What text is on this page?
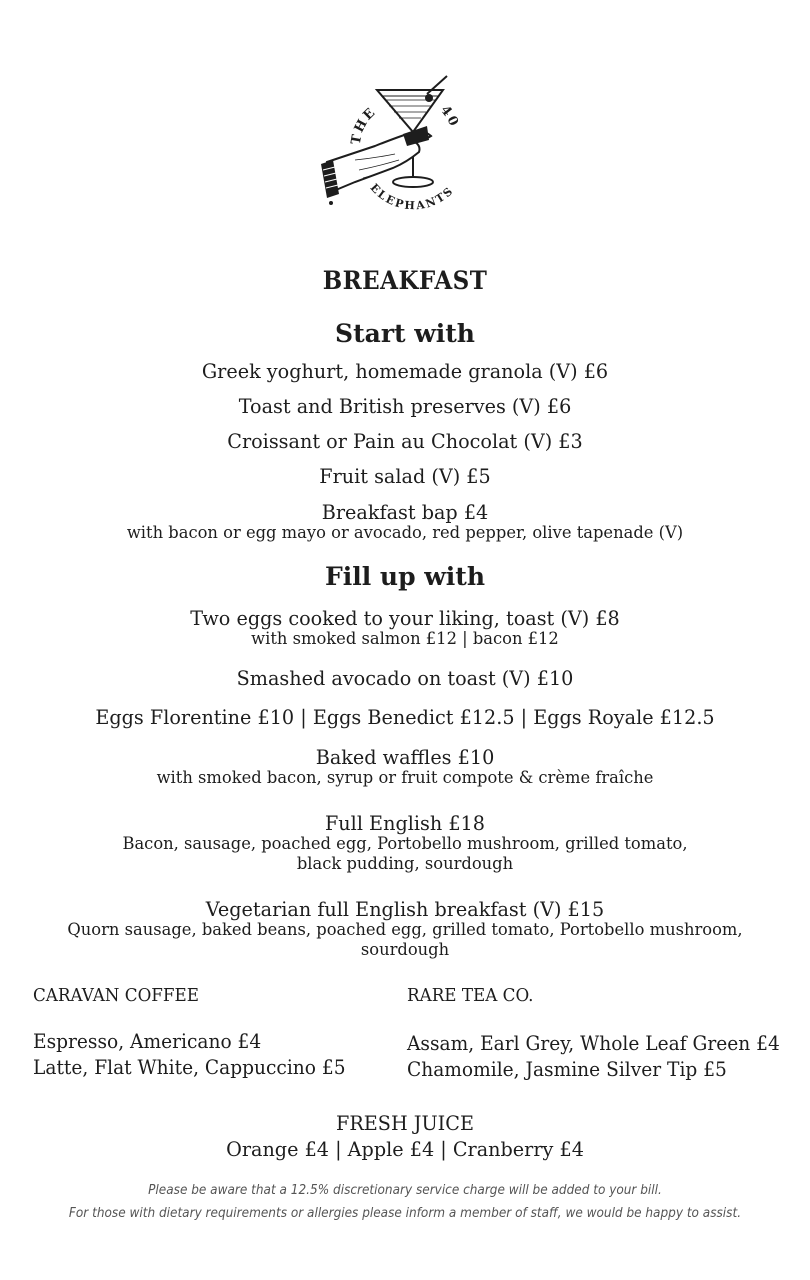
THE	40
ELEPHANTS
BREAKFAST
Start with
Greek yoghurt, homemade granola (V) £6
Toast and British preserves (V) £6
Croissant or Pain au Chocolat (V) £3
Fruit salad (V) £5
Breakfast bap £4
with bacon or egg mayo or avocado, red pepper, olive tapenade (V)
Fill up with
Two eggs cooked to your liking, toast (V) £8
with smoked salmon £12 | bacon £12
Smashed avocado on toast (V) £10
Eggs Florentine £10 | Eggs Benedict £12.5 | Eggs Royale £12.5
Baked waffles £10
with smoked bacon, syrup or fruit compote & crème fraîche
Full English £18
Bacon, sausage, poached egg, Portobello mushroom, grilled tomato,
black pudding, sourdough
Vegetarian full English breakfast (V) £15
Quorn sausage, baked beans, poached egg, grilled tomato, Portobello mushroom,
sourdough
CARAVAN COFFEE
Espresso, Americano £4
Latte, Flat White, Cappuccino £5
RARE TEA CO.
Assam, Earl Grey, Whole Leaf Green £4
Chamomile, Jasmine Silver Tip £5
FRESH JUICE
Orange £4 | Apple £4 | Cranberry £4
Please be aware that a 12.5% discretionary service charge will be added to your bill.
For those with dietary requirements or allergies please inform a member of staff, we would be happy to assist.
